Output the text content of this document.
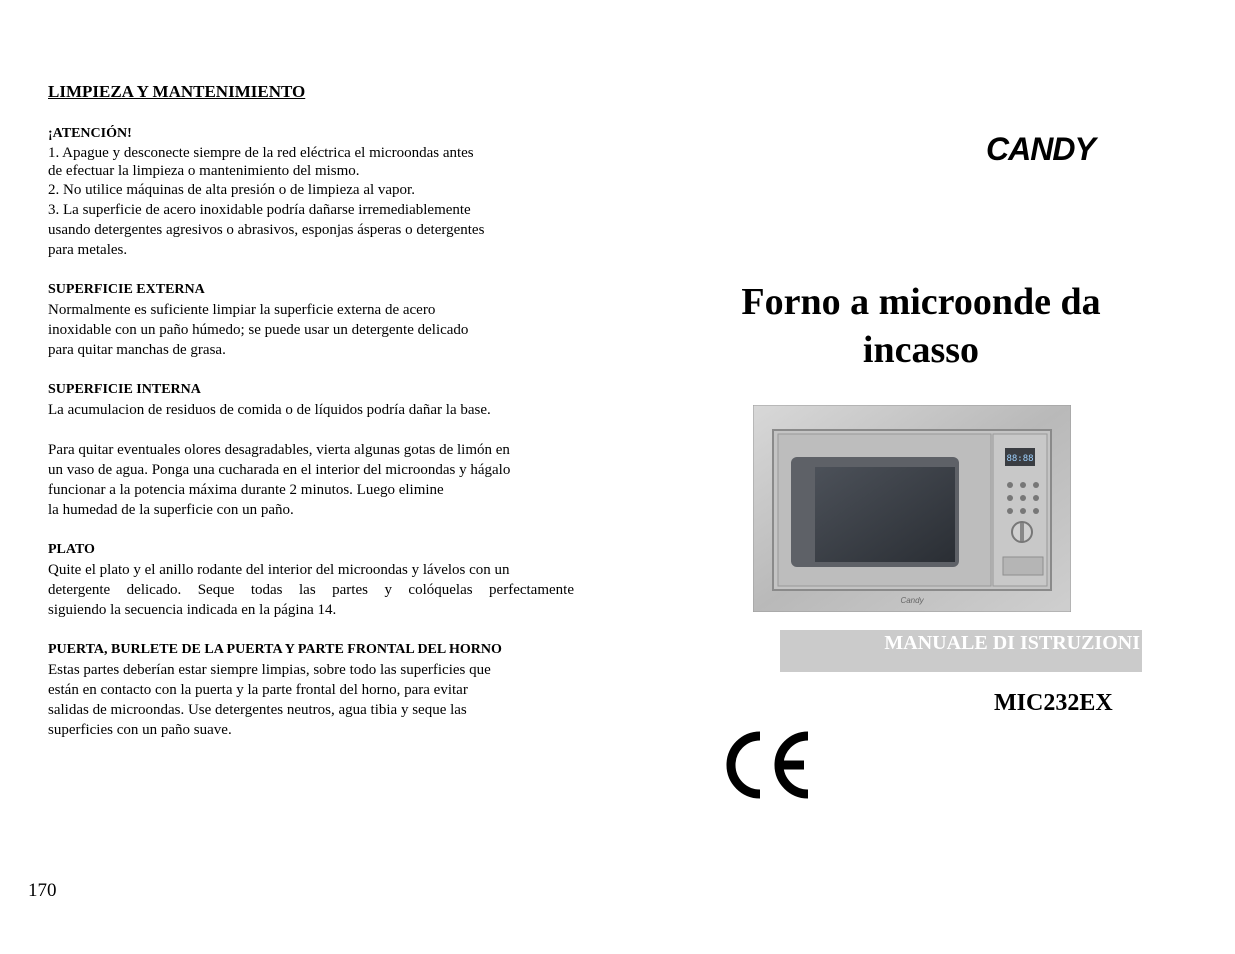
LIMPIEZA Y MANTENIMIENTO
¡ATENCIÓN!
1. Apague y desconecte siempre de la red eléctrica el microondas antes
de efectuar la limpieza o mantenimiento del mismo.
2. No utilice máquinas de alta presión o de limpieza al vapor.
3. La superficie de acero inoxidable podría dañarse irremediablemente
usando detergentes agresivos o abrasivos, esponjas ásperas o detergentes
para metales.
SUPERFICIE EXTERNA
Normalmente es suficiente limpiar la superficie externa de acero
inoxidable con un paño húmedo; se puede usar un detergente delicado
para quitar manchas de grasa.
SUPERFICIE INTERNA
La acumulacion de residuos de comida o de líquidos podría dañar la base.
Para quitar eventuales olores desagradables, vierta algunas gotas de limón en
un vaso de agua. Ponga una cucharada en el interior del microondas y hágalo
funcionar a la potencia máxima durante 2 minutos. Luego elimine
la humedad de la superficie con un paño.
PLATO
Quite el plato y el anillo rodante del interior del microondas y lávelos con un
detergente delicado. Seque todas las partes y colóquelas perfectamente
siguiendo la secuencia indicada en la página 14.
PUERTA, BURLETE DE LA PUERTA Y PARTE FRONTAL DEL HORNO
Estas partes deberían estar siempre limpias, sobre todo las superficies que
están en contacto con la puerta y la parte frontal del horno, para evitar
salidas de microondas. Use detergentes neutros, agua tibia y seque las
superficies con un paño suave.
170
CANDY
Forno a microonde da incasso
88:88
Candy
MANUALE DI ISTRUZIONI
MIC232EX
